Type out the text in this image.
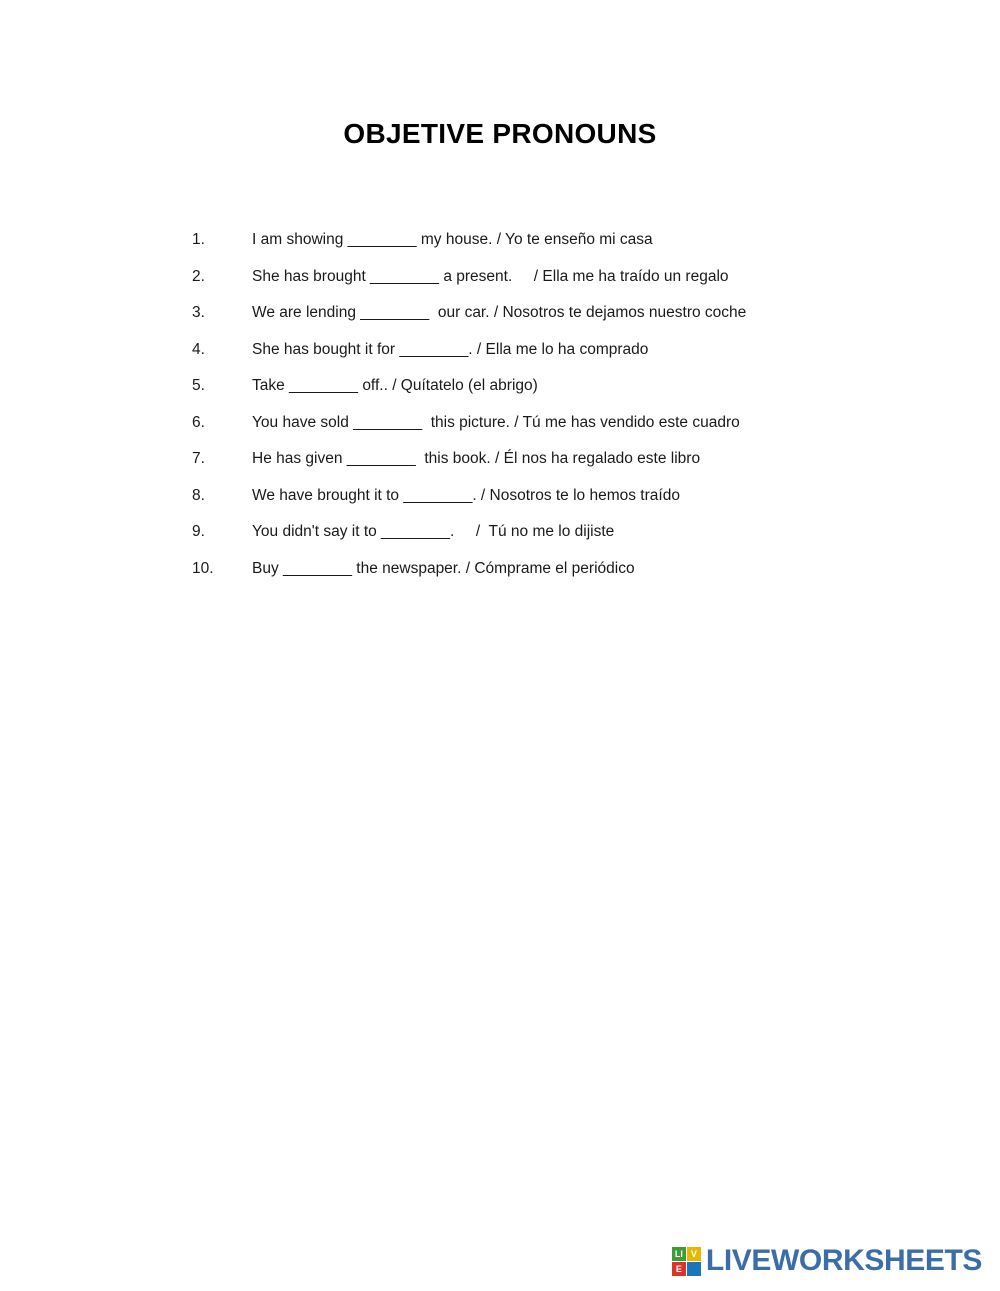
OBJETIVE PRONOUNS
1.	I am showing ________ my house. / Yo te enseño mi casa
2.	She has brought ________ a present.     / Ella me ha traído un regalo
3.	We are lending ________  our car. / Nosotros te dejamos nuestro coche
4.	She has bought it for ________. / Ella me lo ha comprado
5.	Take ________ off.. / Quítatelo (el abrigo)
6.	You have sold ________  this picture. / Tú me has vendido este cuadro
7.	He has given ________  this book. / Él nos ha regalado este libro
8.	We have brought it to ________. / Nosotros te lo hemos traído
9.	You didn't say it to ________.     /  Tú no me lo dijiste
10.	Buy ________ the newspaper. / Cómprame el periódico
LI V
E LIVEWORKSHEETS
